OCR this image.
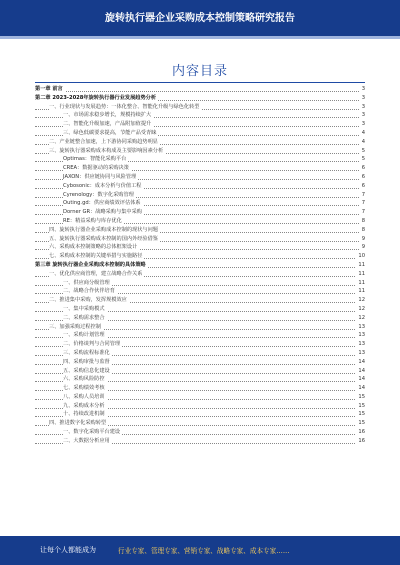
旋转执行器企业采购成本控制策略研究报告
内容目录
第一章 前言	3
第二章 2023-2028年旋转执行器行业发展趋势分析	3
一、行业现状与发展趋势：一体化整合、智能化升级与绿色化转型	3
一、市场需求稳步增长，规模持续扩大	3
二、智能化升级加速，产品附加值提升	3
三、绿色低碳要求提高，节能产品受青睐	4
二、产业链整合加速，上下游协同采购趋势明显	4
三、旋转执行器采购成本构成及主要影响因素分析	5
Optimas：智能化采购平台	5
CREA：数据驱动的采购决策	6
JAXON：供应链协同与风险管理	6
Cybosonic：成本分析与价值工程	6
Cyrenology：数字化采购管理	7
Outing.gd：供应商绩效评估体系	7
Dorner GR：战略采购与集中采购	7
RE：精益采购与库存优化	8
四、旋转执行器企业采购成本控制的现状与问题	8
五、旋转执行器采购成本控制的国内外经验借鉴	9
六、采购成本控制策略的总体框架设计	9
七、采购成本控制的关键举措与实施路径	10
第三章 旋转执行器企业采购成本控制的具体策略	11
一、优化供应商管理，建立战略合作关系	11
一、供应商分级管理	11
二、战略合作伙伴培育	11
二、推进集中采购，发挥规模效应	12
一、集中采购模式	12
二、采购需求整合	12
三、加强采购过程控制	13
一、采购计划管理	13
二、价格谈判与合同管理	13
三、采购流程标准化	13
四、采购审批与监督	14
五、采购信息化建设	14
六、采购风险防控	14
七、采购绩效考核	14
八、采购人员培训	15
九、采购成本分析	15
十、持续改进机制	15
四、推进数字化采购转型	15
一、数字化采购平台建设	16
二、大数据分析应用	16
让每个人都能成为	行业专家、管理专家、营销专家、战略专家、成本专家……
